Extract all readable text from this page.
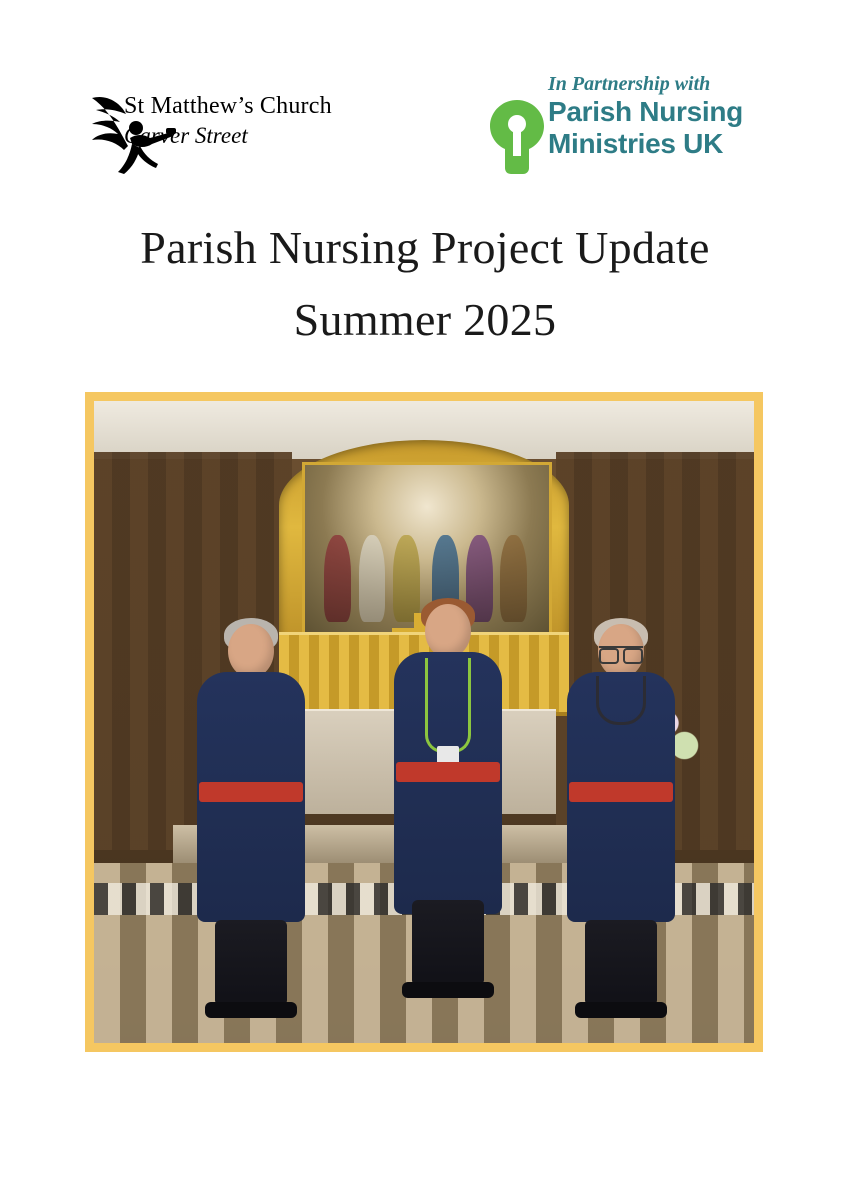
St Matthew’s Church
Carver Street
In Partnership with
Parish Nursing
Ministries UK
Parish Nursing Project Update
Summer 2025
